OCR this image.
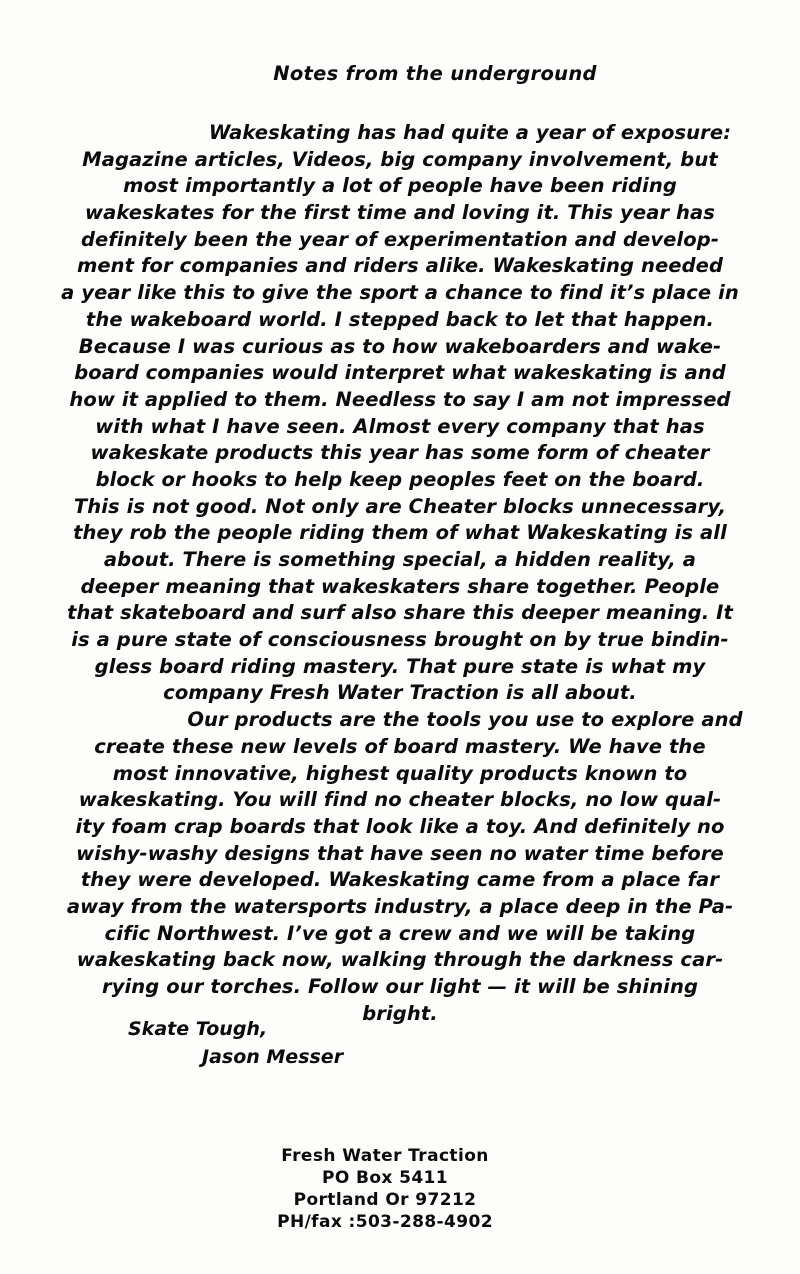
Notes from the underground
Wakeskating has had quite a year of exposure:
Magazine articles, Videos, big company involvement, but
most importantly a lot of people have been riding
wakeskates for the first time and loving it. This year has
definitely been the year of experimentation and develop-
ment for companies and riders alike. Wakeskating needed
a year like this to give the sport a chance to find it’s place in
the wakeboard world. I stepped back to let that happen.
Because I was curious as to how wakeboarders and wake-
board companies would interpret what wakeskating is and
how it applied to them. Needless to say I am not impressed
with what I have seen. Almost every company that has
wakeskate products this year has some form of cheater
block or hooks to help keep peoples feet on the board.
This is not good. Not only are Cheater blocks unnecessary,
they rob the people riding them of what Wakeskating is all
about. There is something special, a hidden reality, a
deeper meaning that wakeskaters share together. People
that skateboard and surf also share this deeper meaning. It
is a pure state of consciousness brought on by true bindin-
gless board riding mastery. That pure state is what my
company Fresh Water Traction is all about.
Our products are the tools you use to explore and
create these new levels of board mastery. We have the
most innovative, highest quality products known to
wakeskating. You will find no cheater blocks, no low qual-
ity foam crap boards that look like a toy. And definitely no
wishy-washy designs that have seen no water time before
they were developed. Wakeskating came from a place far
away from the watersports industry, a place deep in the Pa-
cific Northwest. I’ve got a crew and we will be taking
wakeskating back now, walking through the darkness car-
rying our torches. Follow our light — it will be shining
bright.
Skate Tough,
Jason Messer
Fresh Water Traction
PO Box 5411
Portland Or 97212
PH/fax :503-288-4902
